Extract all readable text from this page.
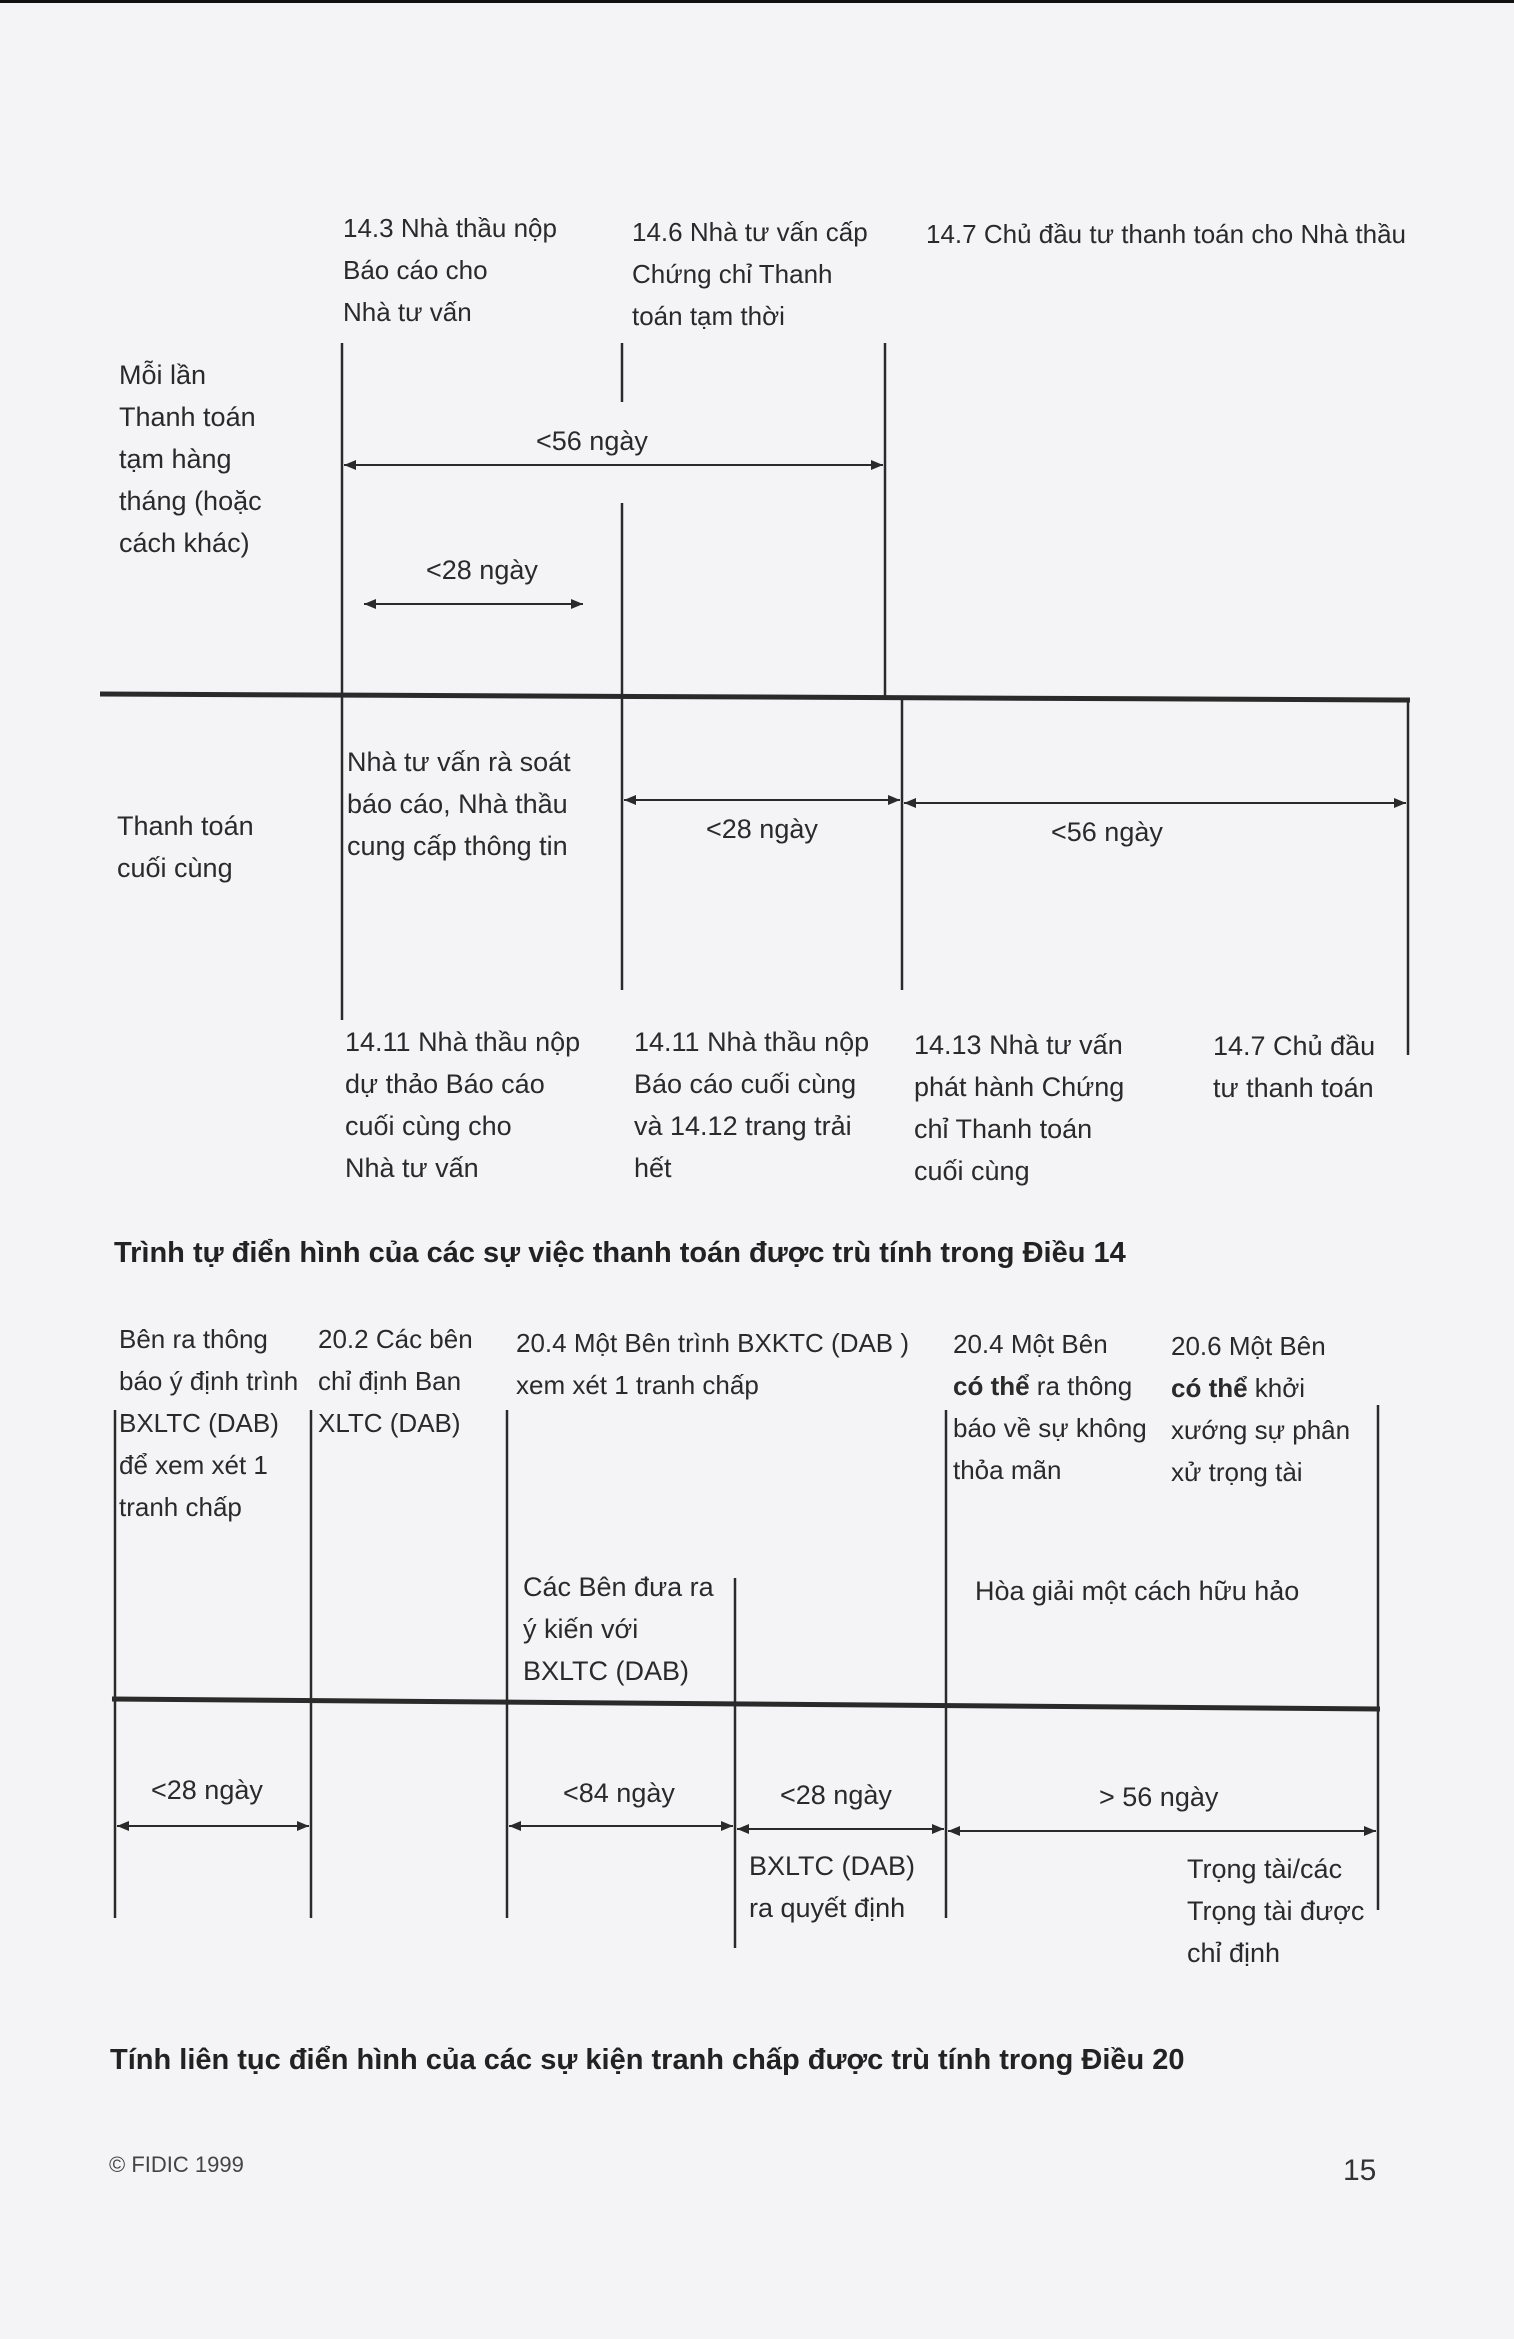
14.3 Nhà thầu nộp
Báo cáo cho
Nhà tư vấn
14.6 Nhà tư vấn cấp
Chứng chỉ Thanh
toán tạm thời
14.7 Chủ đầu tư thanh toán cho Nhà thầu
Mỗi lần
Thanh toán
tạm hàng
tháng (hoặc
cách khác)
Thanh toán
cuối cùng
<56 ngày
<28 ngày
Nhà tư vấn rà soát
báo cáo, Nhà thầu
cung cấp thông tin
<28 ngày	<56 ngày
14.11 Nhà thầu nộp
dự thảo Báo cáo
cuối cùng cho
Nhà tư vấn
14.11 Nhà thầu nộp
Báo cáo cuối cùng
và 14.12 trang trải
hết
14.13 Nhà tư vấn
phát hành Chứng
chỉ Thanh toán
cuối cùng
14.7 Chủ đầu
tư thanh toán
Trình tự điển hình của các sự việc thanh toán được trù tính trong Điều 14
Bên ra thông
báo ý định trình
BXLTC (DAB)
để xem xét 1
tranh chấp
20.2 Các bên
chỉ định Ban
XLTC (DAB)
20.4 Một Bên trình BXKTC (DAB )
xem xét 1 tranh chấp
20.4 Một Bên
có thể ra thông
báo về sự không
thỏa mãn
20.6 Một Bên
có thể khởi
xướng sự phân
xử trọng tài
Các Bên đưa ra
ý kiến với
BXLTC (DAB)
Hòa giải một cách hữu hảo
<28 ngày	<84 ngày	<28 ngày	> 56 ngày
BXLTC (DAB)
ra quyết định
Trọng tài/các
Trọng tài được
chỉ định
Tính liên tục điển hình của các sự kiện tranh chấp được trù tính trong Điều 20
© FIDIC 1999	15
